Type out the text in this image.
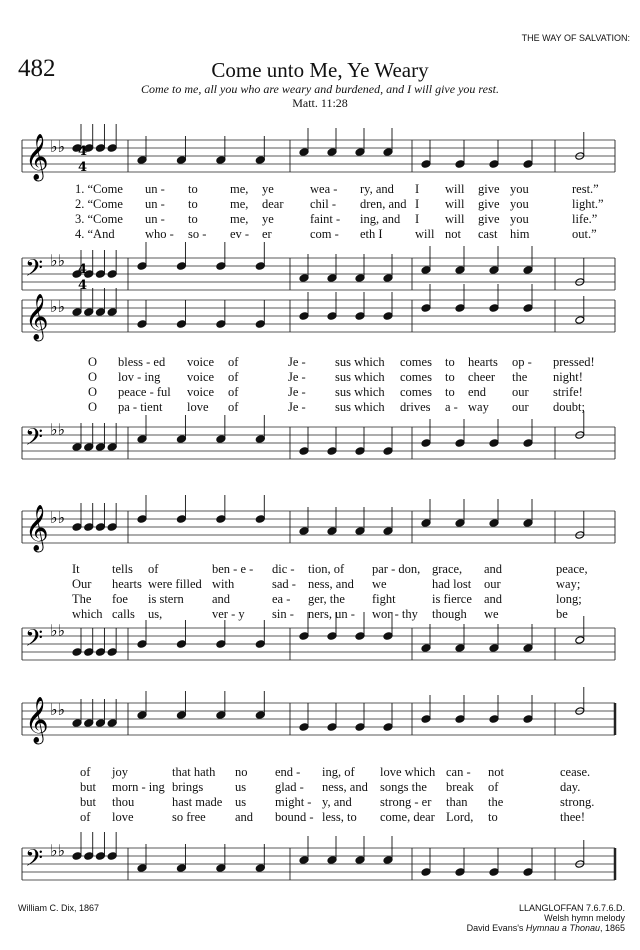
THE WAY OF SALVATION:
482	Come unto Me, Ye Weary
Come to me, all you who are weary and burdened, and I will give you rest.
Matt. 11:28
𝄞 ♭♭
𝄢 ♭♭
𝄞 ♭♭
𝄢 ♭♭
𝄞 ♭♭
𝄢 ♭♭
𝄞 ♭♭
𝄢 ♭♭
4
4
4
4
1. “Come un - to	me, ye	wea - ry, and I will give you	rest.”
2. “Come un - to	me, dear chil - dren, and I will give you	light.”
3. “Come un - to	me, ye	faint - ing, and I will give you	life.”
4. “And who - so - ev - er	com - eth I	will not cast him	out.”
O bless - ed voice of	Je - sus which comes to hearts op - pressed!
O lov - ing voice of	Je - sus which comes to cheer the night!
O peace - ful voice of	Je - sus which comes to end our strife!
O pa - tient love of	Je - sus which drives a - way our doubt;
It	tells of	ben - e - dic - tion, of par - don, grace, and	peace,
Our hearts were filled with	sad - ness, and we	had lost our	way;
The foe is stern and	ea - ger, the fight	is fierce and	long;
which calls us,	ver - y sin - ners, un - wor - thy though we	be
of joy	that hath no end - ing, of love which can - not	cease.
but morn - ing brings	us glad - ness, and songs the break of	day.
but thou	hast made us might - y, and strong - er than the	strong.
of love	so free and bound - less, to come, dear Lord, to	thee!
William C. Dix, 1867	LLANGLOFFAN 7.6.7.6.D.
Welsh hymn melody
David Evans's Hymnau a Thonau, 1865
